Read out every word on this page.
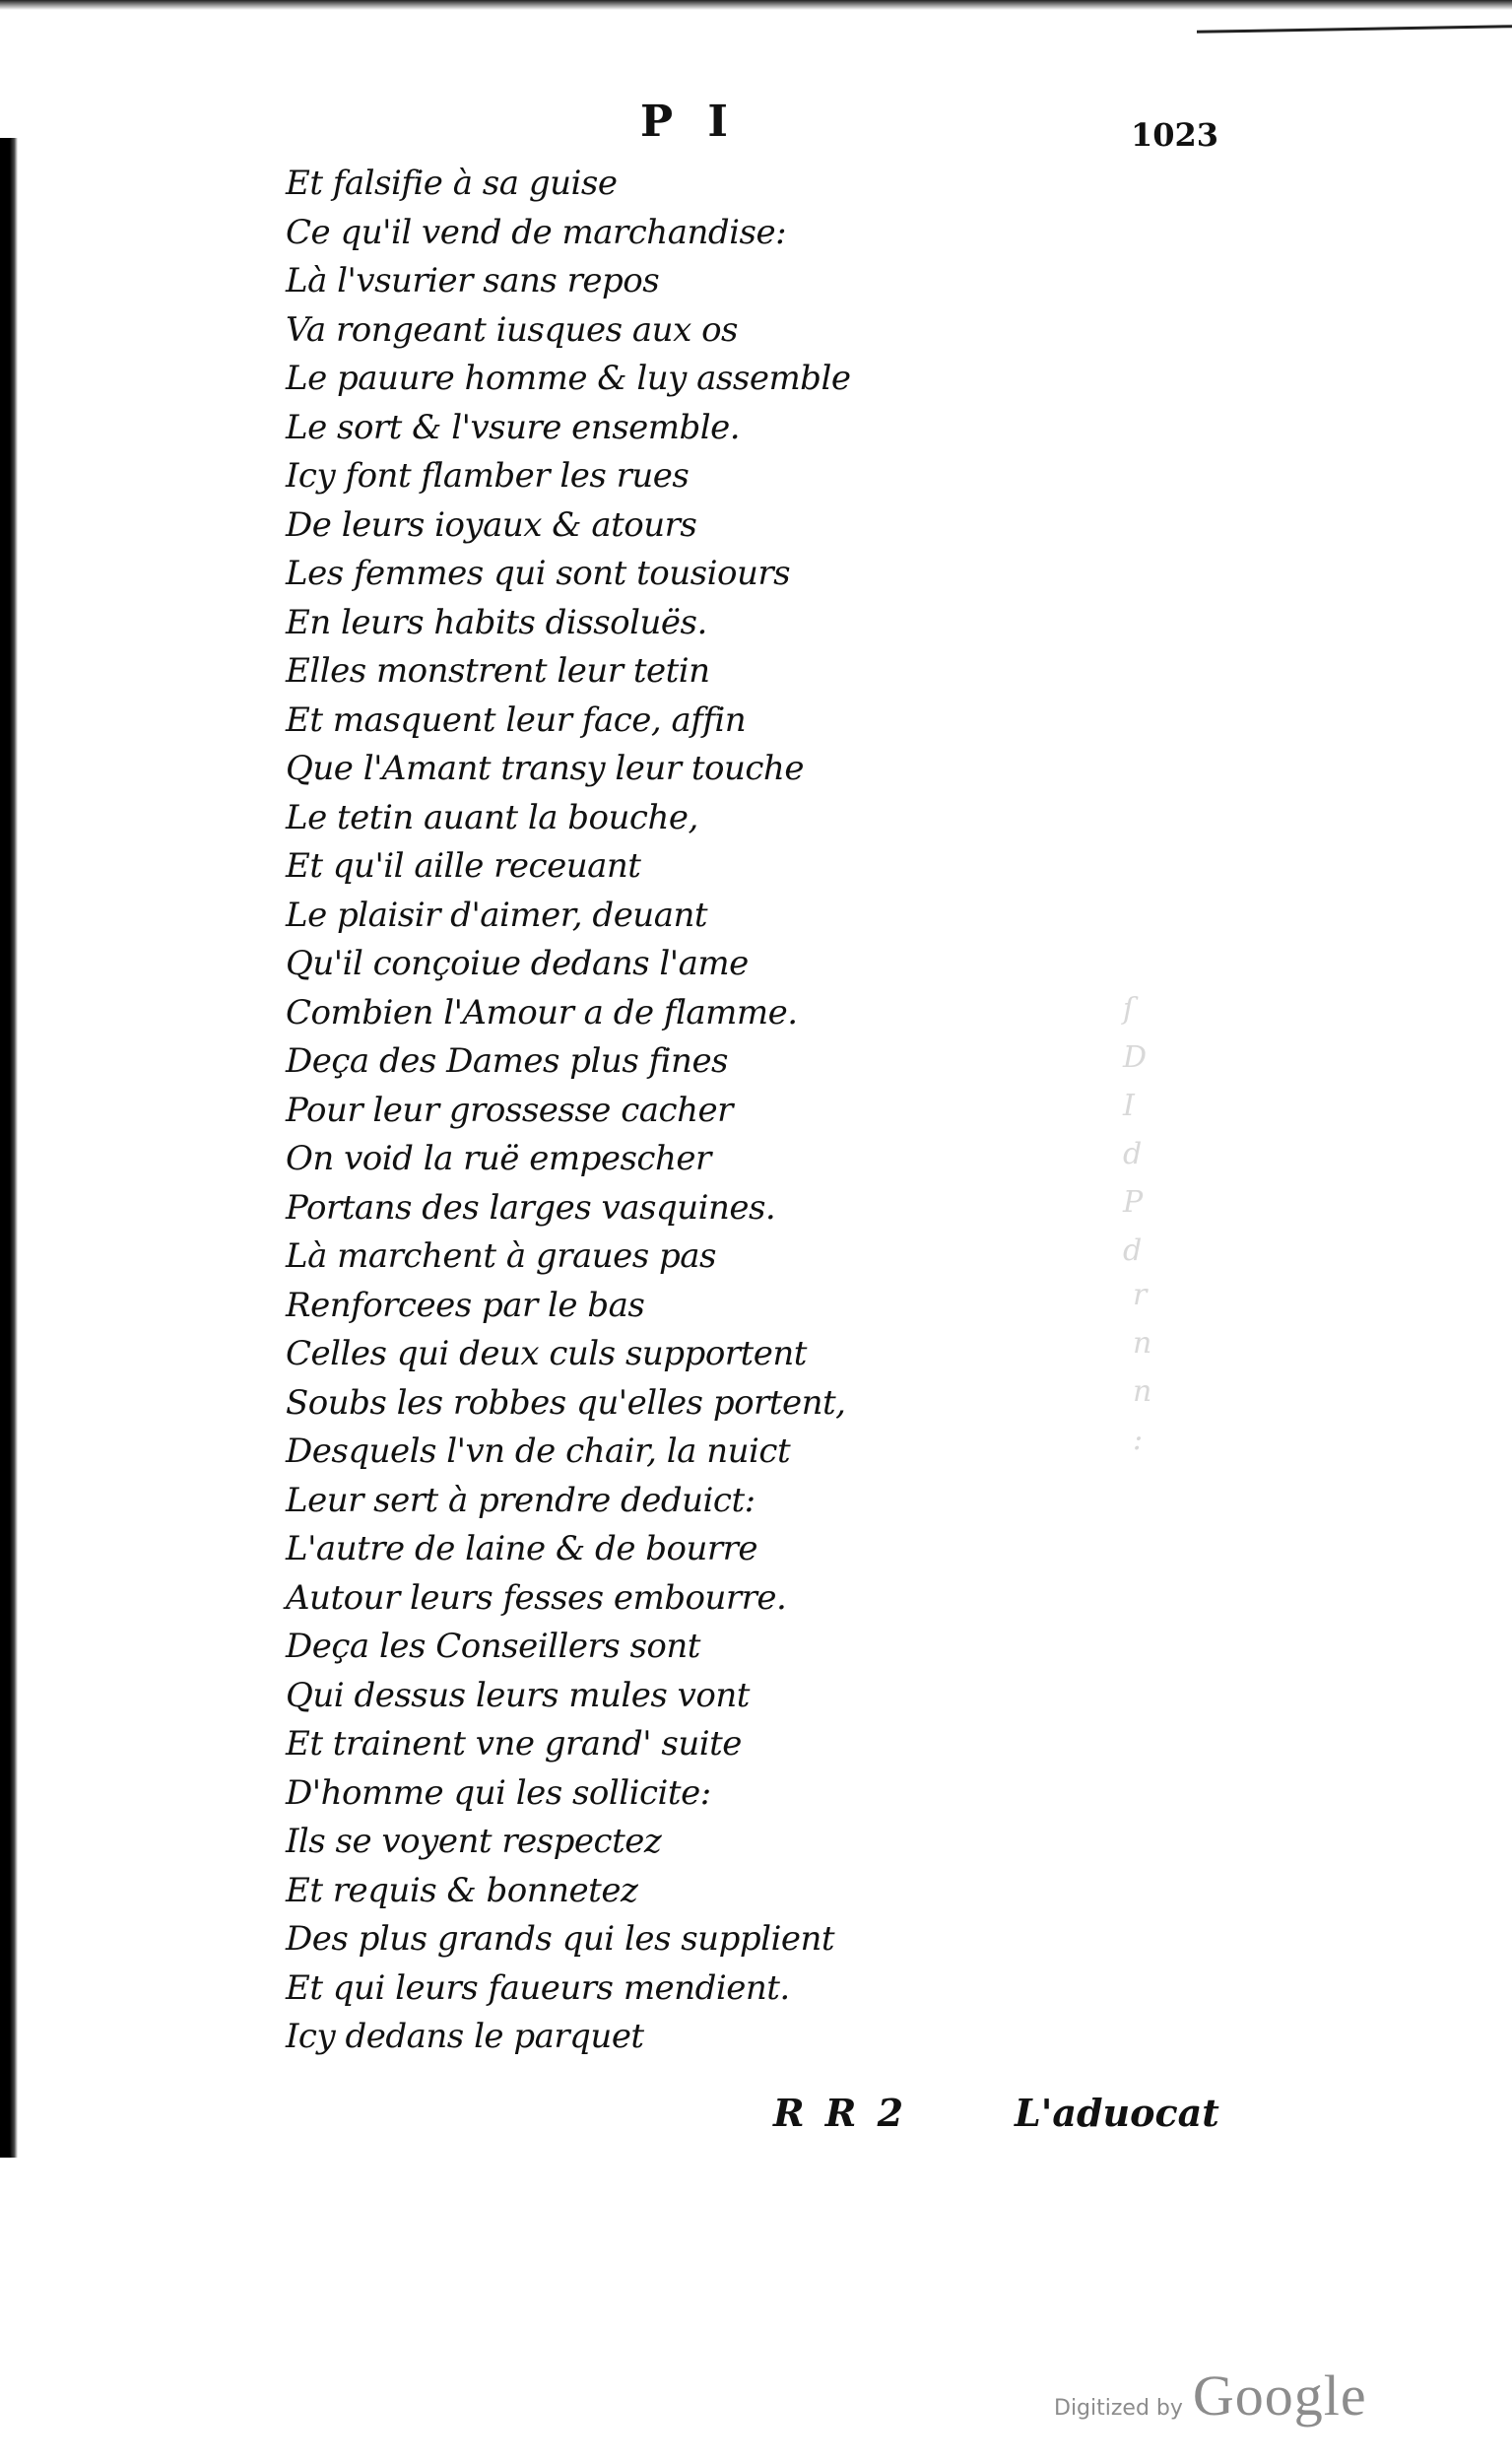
ſ
D
I
d
P
d
r
n
n
:
P I	1023
Et falsifie à sa guise
Ce qu'il vend de marchandise:
Là l'vsurier sans repos
Va rongeant iusques aux os
Le pauure homme & luy assemble
Le sort & l'vsure ensemble.
Icy font flamber les rues
De leurs ioyaux & atours
Les femmes qui sont tousiours
En leurs habits dissoluës.
Elles monstrent leur tetin
Et masquent leur face, affin
Que l'Amant transy leur touche
Le tetin auant la bouche,
Et qu'il aille receuant
Le plaisir d'aimer, deuant
Qu'il conçoiue dedans l'ame
Combien l'Amour a de flamme.
Deça des Dames plus fines
Pour leur grossesse cacher
On void la ruë empescher
Portans des larges vasquines.
Là marchent à graues pas
Renforcees par le bas
Celles qui deux culs supportent
Soubs les robbes qu'elles portent,
Desquels l'vn de chair, la nuict
Leur sert à prendre deduict:
L'autre de laine & de bourre
Autour leurs fesses embourre.
Deça les Conseillers sont
Qui dessus leurs mules vont
Et trainent vne grand' suite
D'homme qui les sollicite:
Ils se voyent respectez
Et requis & bonnetez
Des plus grands qui les supplient
Et qui leurs faueurs mendient.
Icy dedans le parquet
R R 2	L'aduocat
Digitized by Google
